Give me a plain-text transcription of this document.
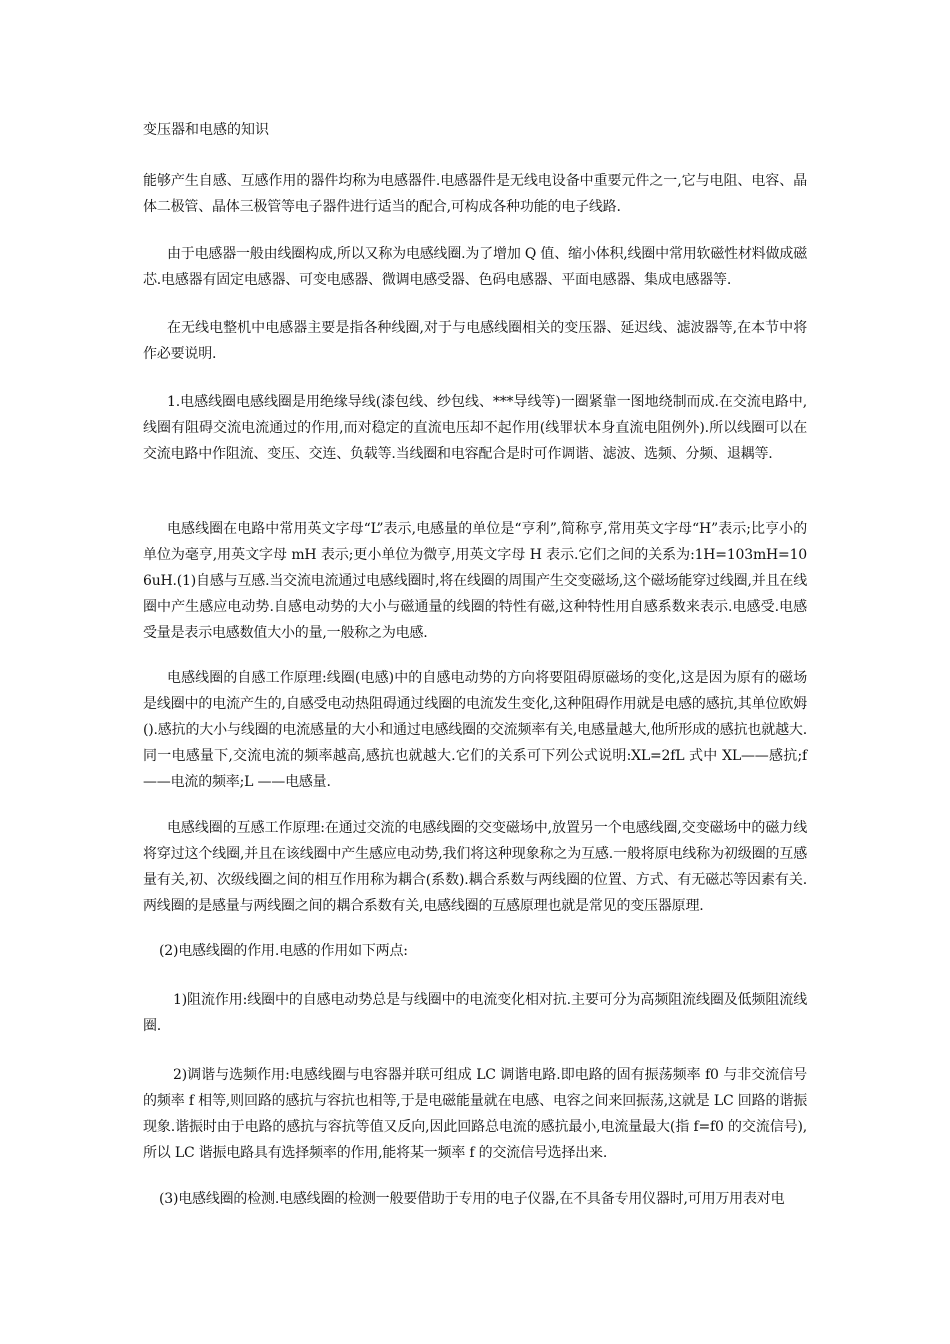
变压器和电感的知识

能够产生自感、互感作用的器件均称为电感器件.电感器件是无线电设备中重要元件之一,它与电阻、电容、晶体二极管、晶体三极管等电子器件进行适当的配合,可构成各种功能的电子线路.

由于电感器一般由线圈构成,所以又称为电感线圈.为了增加 Q 值、缩小体积,线圈中常用软磁性材料做成磁芯.电感器有固定电感器、可变电感器、微调电感受器、色码电感器、平面电感器、集成电感器等.

在无线电整机中电感器主要是指各种线圈,对于与电感线圈相关的变压器、延迟线、滤波器等,在本节中将作必要说明.

1.电感线圈电感线圈是用绝缘导线(漆包线、纱包线、***导线等)一圈紧靠一图地绕制而成.在交流电路中,线圈有阻碍交流电流通过的作用,而对稳定的直流电压却不起作用(线罪状本身直流电阻例外).所以线圈可以在交流电路中作阻流、变压、交连、负载等.当线圈和电容配合是时可作调谐、滤波、选频、分频、退耦等.

电感线圈在电路中常用英文字母“L”表示,电感量的单位是“亨利”,简称亨,常用英文字母“H”表示;比亨小的单位为毫亨,用英文字母 mH 表示;更小单位为微亨,用英文字母 H 表示.它们之间的关系为:1H=103mH=106uH.(1)自感与互感.当交流电流通过电感线圈时,将在线圈的周围产生交变磁场,这个磁场能穿过线圈,并且在线圈中产生感应电动势.自感电动势的大小与磁通量的线圈的特性有磁,这种特性用自感系数来表示.电感受.电感受量是表示电感数值大小的量,一般称之为电感.

电感线圈的自感工作原理:线圈(电感)中的自感电动势的方向将要阻碍原磁场的变化,这是因为原有的磁场是线圈中的电流产生的,自感受电动热阻碍通过线圈的电流发生变化,这种阻碍作用就是电感的感抗,其单位欧姆().感抗的大小与线圈的电流感量的大小和通过电感线圈的交流频率有关,电感量越大,他所形成的感抗也就越大.同一电感量下,交流电流的频率越高,感抗也就越大.它们的关系可下列公式说明:XL=2fL 式中 XL——感抗;f——电流的频率;L ——电感量.

电感线圈的互感工作原理:在通过交流的电感线圈的交变磁场中,放置另一个电感线圈,交变磁场中的磁力线将穿过这个线圈,并且在该线圈中产生感应电动势,我们将这种现象称之为互感.一般将原电线称为初级圈的互感量有关,初、次级线圈之间的相互作用称为耦合(系数).耦合系数与两线圈的位置、方式、有无磁芯等因素有关.两线圈的是感量与两线圈之间的耦合系数有关,电感线圈的互感原理也就是常见的变压器原理.

(2)电感线圈的作用.电感的作用如下两点:

1)阻流作用:线圈中的自感电动势总是与线圈中的电流变化相对抗.主要可分为高频阻流线圈及低频阻流线圈.

2)调谐与选频作用:电感线圈与电容器并联可组成 LC 调谐电路.即电路的固有振荡频率 f0 与非交流信号的频率 f 相等,则回路的感抗与容抗也相等,于是电磁能量就在电感、电容之间来回振荡,这就是 LC 回路的谐振现象.谐振时由于电路的感抗与容抗等值又反向,因此回路总电流的感抗最小,电流量最大(指 f=f0 的交流信号),所以 LC 谐振电路具有选择频率的作用,能将某一频率 f 的交流信号选择出来.

(3)电感线圈的检测.电感线圈的检测一般要借助于专用的电子仪器,在不具备专用仪器时,可用万用表对电
